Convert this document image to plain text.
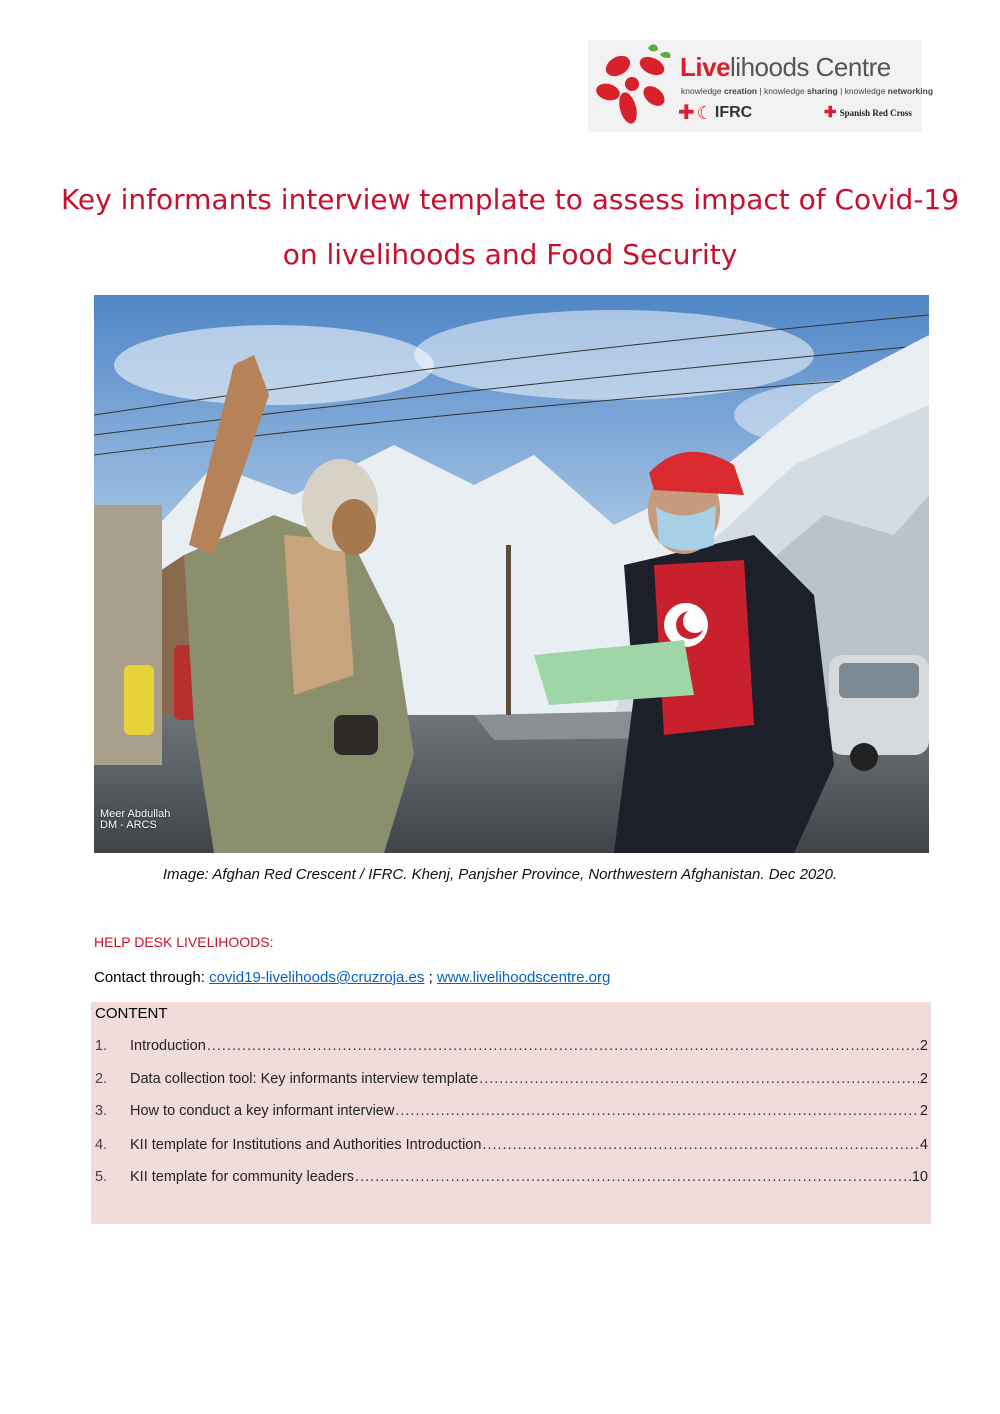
Livelihoods Centre
knowledge creation | knowledge sharing | knowledge networking
✚ ☾ IFRC	✚ Spanish Red Cross
Key informants interview template to assess impact of Covid-19 on livelihoods and Food Security
Meer Abdullah
DM - ARCS
Image: Afghan Red Crescent / IFRC. Khenj, Panjsher Province, Northwestern Afghanistan. Dec 2020.
HELP DESK LIVELIHOODS:
Contact through: covid19-livelihoods@cruzroja.es ; www.livelihoodscentre.org
CONTENT
1.	Introduction .....	2
2.	Data collection tool: Key informants interview template .....	2
3.	How to conduct a key informant interview .....	2
4.	KII template for Institutions and Authorities Introduction .....	4
5.	KII template for community leaders .....	10
